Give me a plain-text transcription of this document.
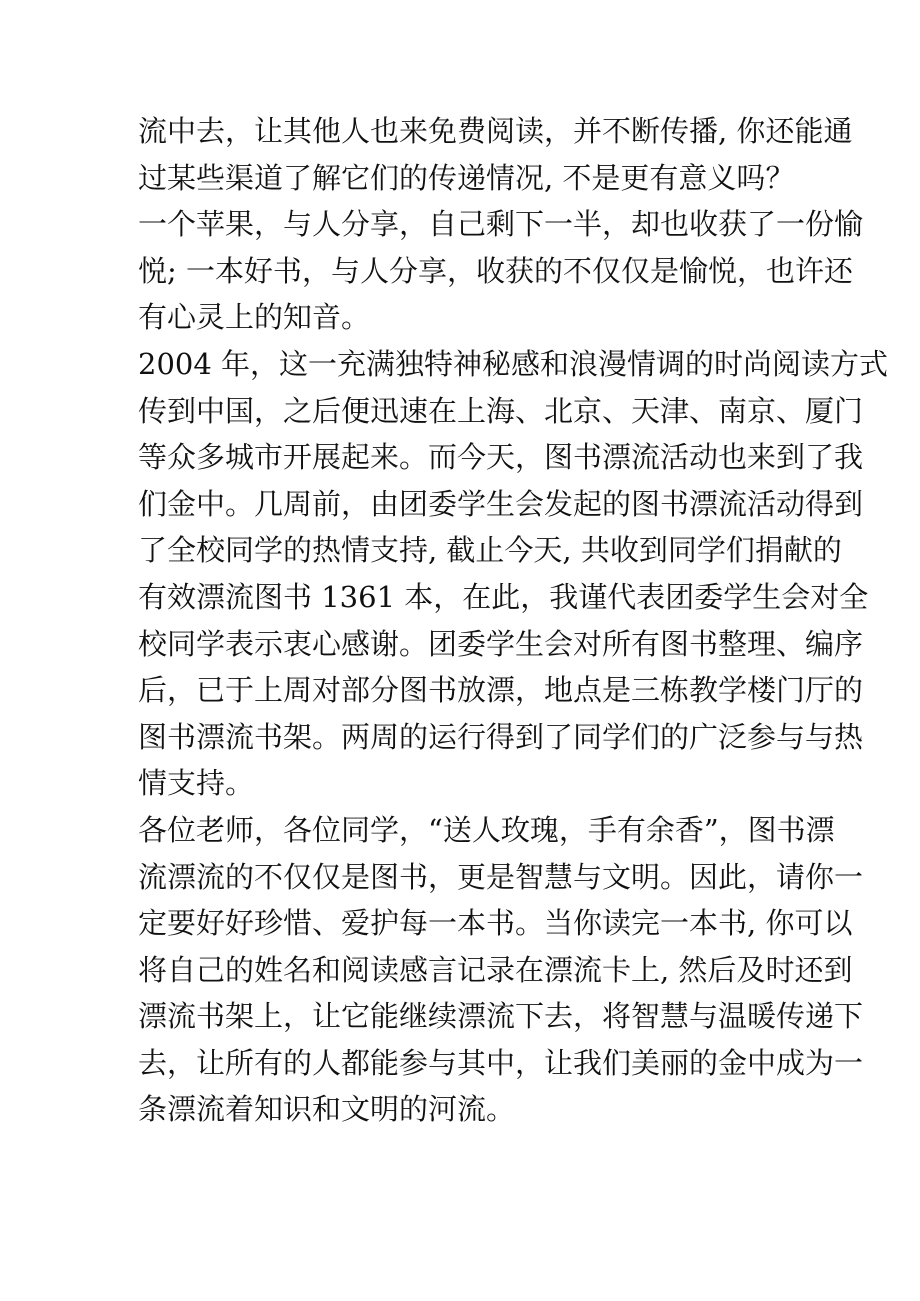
流中去，让其他人也来免费阅读，并不断传播, 你还能通
过某些渠道了解它们的传递情况, 不是更有意义吗？
一个苹果，与人分享，自己剩下一半，却也收获了一份愉
悦; 一本好书，与人分享，收获的不仅仅是愉悦，也许还
有心灵上的知音。
2004 年，这一充满独特神秘感和浪漫情调的时尚阅读方式
传到中国，之后便迅速在上海、北京、天津、南京、厦门
等众多城市开展起来。而今天，图书漂流活动也来到了我
们金中。几周前，由团委学生会发起的图书漂流活动得到
了全校同学的热情支持, 截止今天, 共收到同学们捐献的
有效漂流图书 1361 本，在此，我谨代表团委学生会对全
校同学表示衷心感谢。团委学生会对所有图书整理、编序
后，已于上周对部分图书放漂，地点是三栋教学楼门厅的
图书漂流书架。两周的运行得到了同学们的广泛参与与热
情支持。
各位老师，各位同学，“送人玫瑰，手有余香”，图书漂
流漂流的不仅仅是图书，更是智慧与文明。因此，请你一
定要好好珍惜、爱护每一本书。当你读完一本书, 你可以
将自己的姓名和阅读感言记录在漂流卡上, 然后及时还到
漂流书架上，让它能继续漂流下去，将智慧与温暖传递下
去，让所有的人都能参与其中，让我们美丽的金中成为一
条漂流着知识和文明的河流。
